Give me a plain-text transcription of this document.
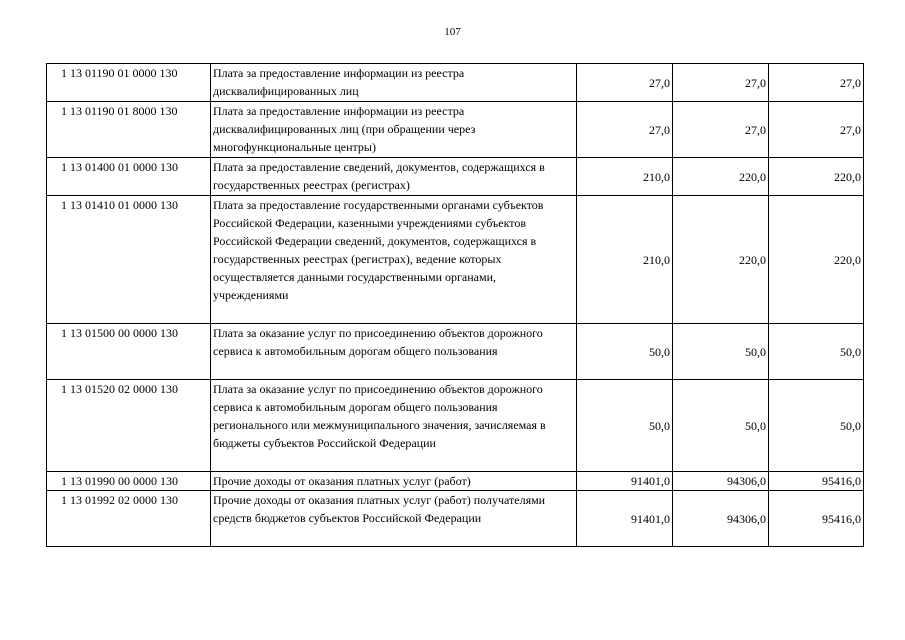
107
1 13 01190 01 0000 130	Плата за предоставление информации из реестра дисквалифицированных лиц	27,0	27,0	27,0
1 13 01190 01 8000 130	Плата за предоставление информации из реестра дисквалифицированных лиц (при обращении через многофункциональные центры)	27,0	27,0	27,0
1 13 01400 01 0000 130	Плата за предоставление сведений, документов, содержащихся в государственных реестрах (регистрах)	210,0	220,0	220,0
1 13 01410 01 0000 130	Плата за предоставление государственными органами субъектов Российской Федерации, казенными учреждениями субъектов Российской Федерации сведений, документов, содержащихся в государственных реестрах (регистрах), ведение которых осуществляется данными государственными органами, учреждениями	210,0	220,0	220,0
1 13 01500 00 0000 130	Плата за оказание услуг по присоединению объектов дорожного сервиса к автомобильным дорогам общего пользования	50,0	50,0	50,0
1 13 01520 02 0000 130	Плата за оказание услуг по присоединению объектов дорожного сервиса к автомобильным дорогам общего пользования регионального или межмуниципального значения, зачисляемая в бюджеты субъектов Российской Федерации	50,0	50,0	50,0
1 13 01990 00 0000 130	Прочие доходы от оказания платных услуг (работ)	91401,0	94306,0	95416,0
1 13 01992 02 0000 130	Прочие доходы от оказания платных услуг (работ) получателями средств бюджетов субъектов Российской Федерации	91401,0	94306,0	95416,0
